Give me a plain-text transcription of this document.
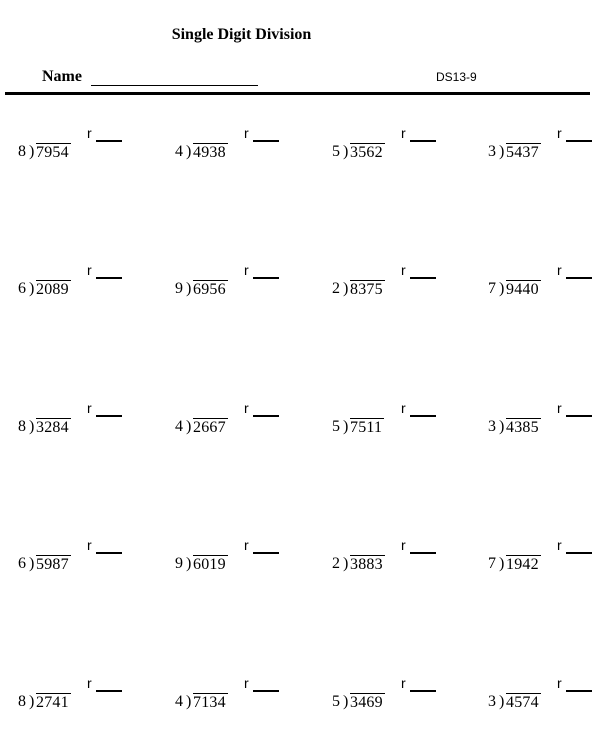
Single Digit Division
Name	DS13-9
8 ) 7954
r
4 ) 4938
r
5 ) 3562
r
3 ) 5437
r
6 ) 2089
r
9 ) 6956
r
2 ) 8375
r
7 ) 9440
r
8 ) 3284
r
4 ) 2667
r
5 ) 7511
r
3 ) 4385
r
6 ) 5987
r
9 ) 6019
r
2 ) 3883
r
7 ) 1942
r
8 ) 2741
r
4 ) 7134
r
5 ) 3469
r
3 ) 4574
r
